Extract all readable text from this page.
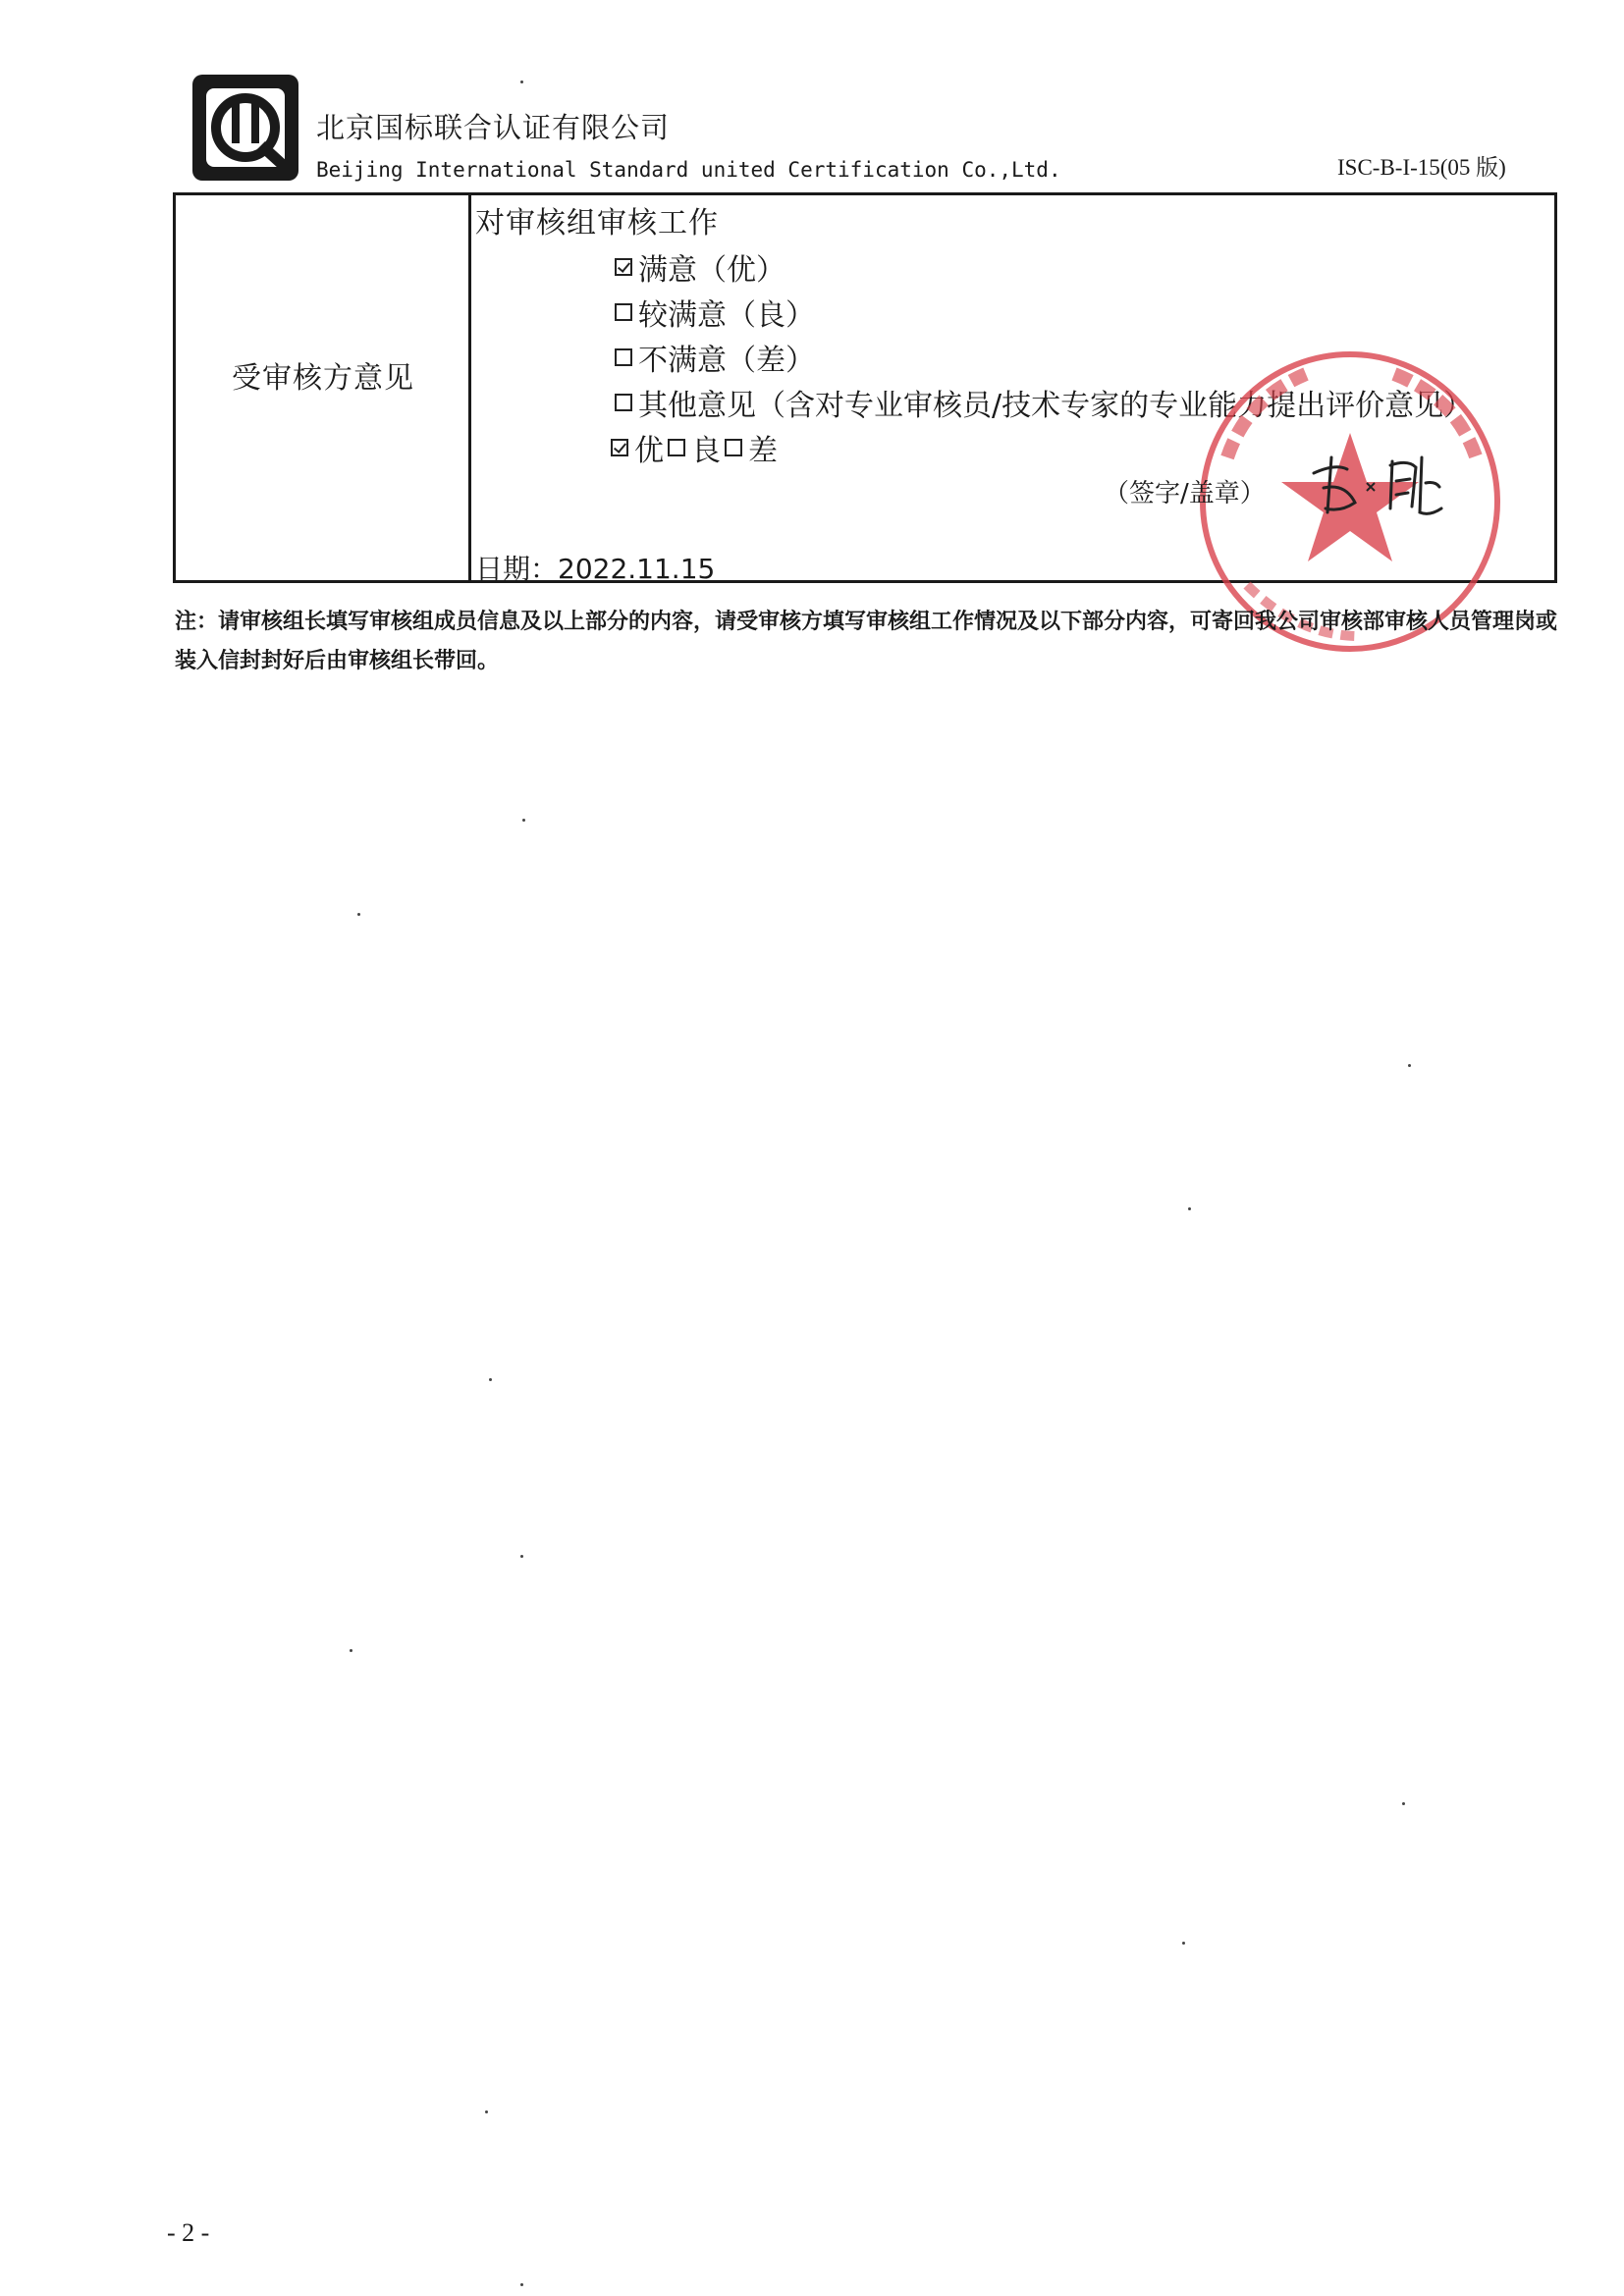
北京国标联合认证有限公司
Beijing International Standard united Certification Co.,Ltd.	ISC-B-I-15(05 版)
受审核方意见
对审核组审核工作
满意（优）
较满意（良）
不满意（差）
其他意见（含对专业审核员/技术专家的专业能力提出评价意见）
优 良 差
（签字/盖章）
日期：2022.11.15
注：请审核组长填写审核组成员信息及以上部分的内容，请受审核方填写审核组工作情况及以下部分内容，可寄回我公司审核部审核人员管理岗或装入信封封好后由审核组长带回。
- 2 -
